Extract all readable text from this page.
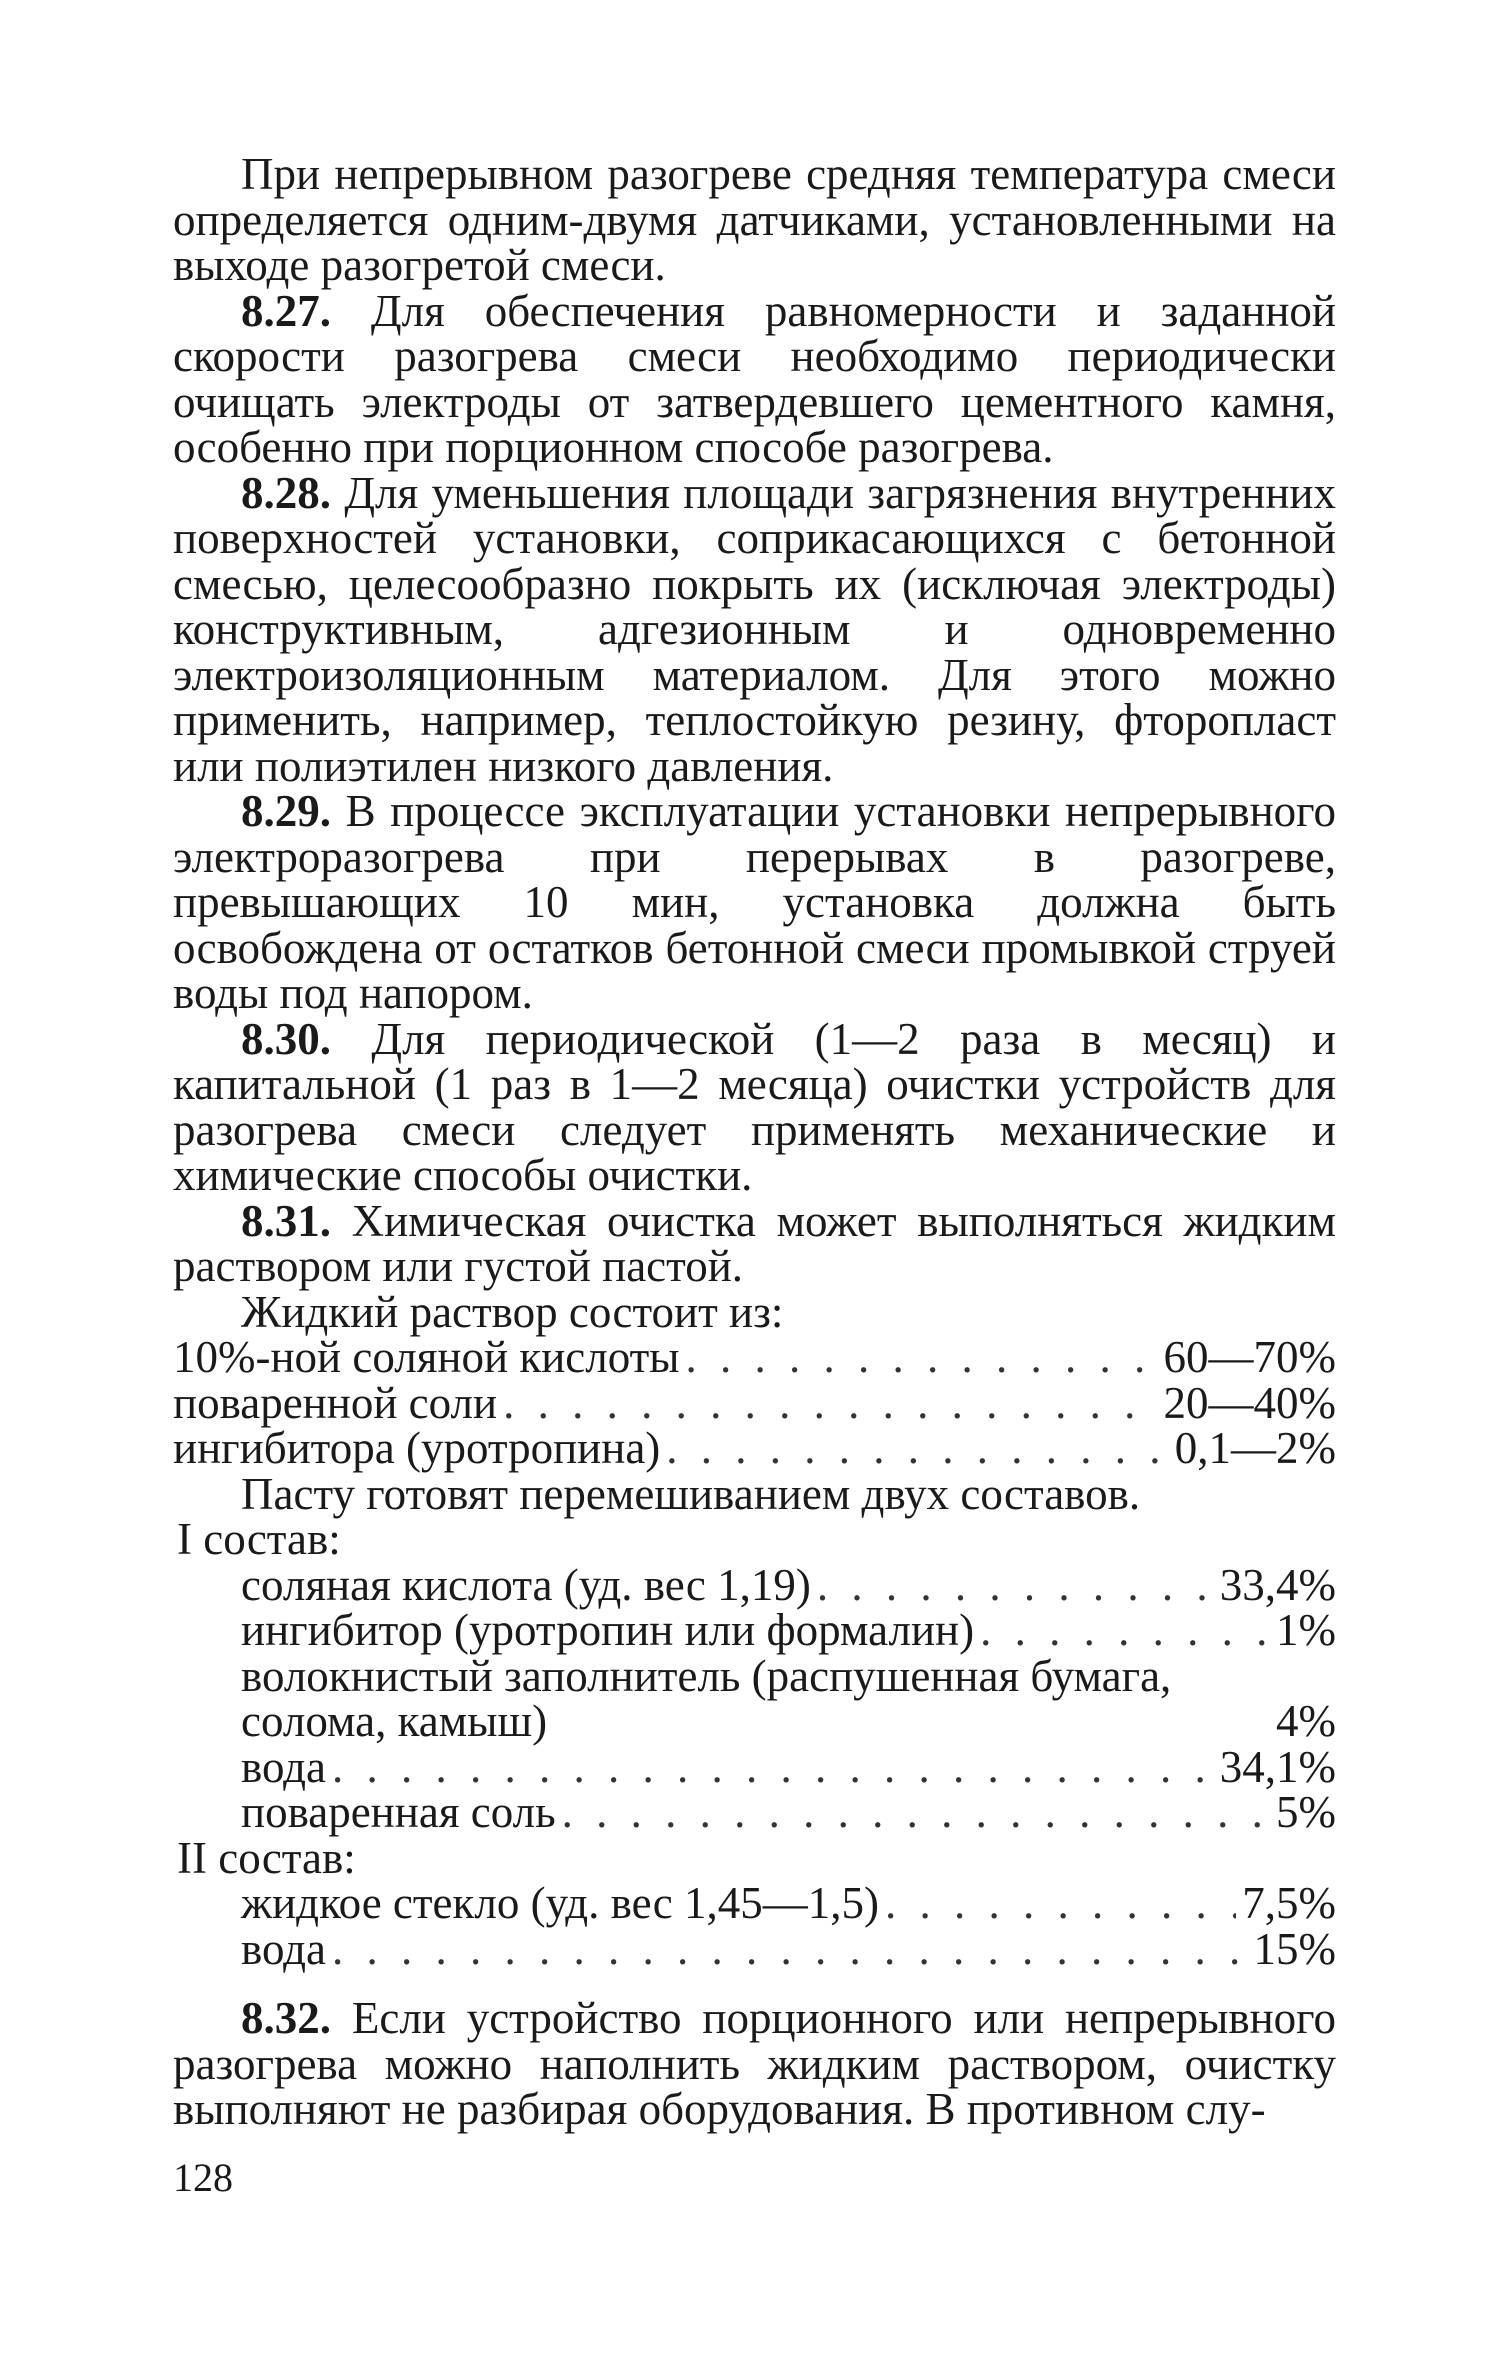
При непрерывном разогреве средняя температура смеси определяется одним-двумя датчиками, установленными на выходе разогретой смеси.

8.27. Для обеспечения равномерности и заданной скорости разогрева смеси необходимо периодически очищать электроды от затвердевшего цементного камня, особенно при порционном способе разогрева.

8.28. Для уменьшения площади загрязнения внутренних поверхностей установки, соприкасающихся с бетонной смесью, целесообразно покрыть их (исключая электроды) конструктивным, адгезионным и одновременно электроизоляционным материалом. Для этого можно применить, например, теплостойкую резину, фторопласт или полиэтилен низкого давления.

8.29. В процессе эксплуатации установки непрерывного электроразогрева при перерывах в разогреве, превышающих 10 мин, установка должна быть освобождена от остатков бетонной смеси промывкой струей воды под напором.

8.30. Для периодической (1—2 раза в месяц) и капитальной (1 раз в 1—2 месяца) очистки устройств для разогрева смеси следует применять механические и химические способы очистки.

8.31. Химическая очистка может выполняться жидким раствором или густой пастой.

Жидкий раствор состоит из:
10%-ной соляной кислоты . . .	60—70%
поваренной соли . . .	20—40%
ингибитора (уротропина) . . .	0,1—2%
Пасту готовят перемешиванием двух составов.
I состав:
соляная кислота (уд. вес 1,19) . . .	33,4%
ингибитор (уротропин или формалин) . . .	1%
волокнистый заполнитель (распушенная бумага, солома, камыш)	4%
вода . . .	34,1%
поваренная соль . . .	5%
II состав:
жидкое стекло (уд. вес 1,45—1,5) . . .	7,5%
вода . . .	15%

8.32. Если устройство порционного или непрерывного разогрева можно наполнить жидким раствором, очистку выполняют не разбирая оборудования. В противном слу-

128
